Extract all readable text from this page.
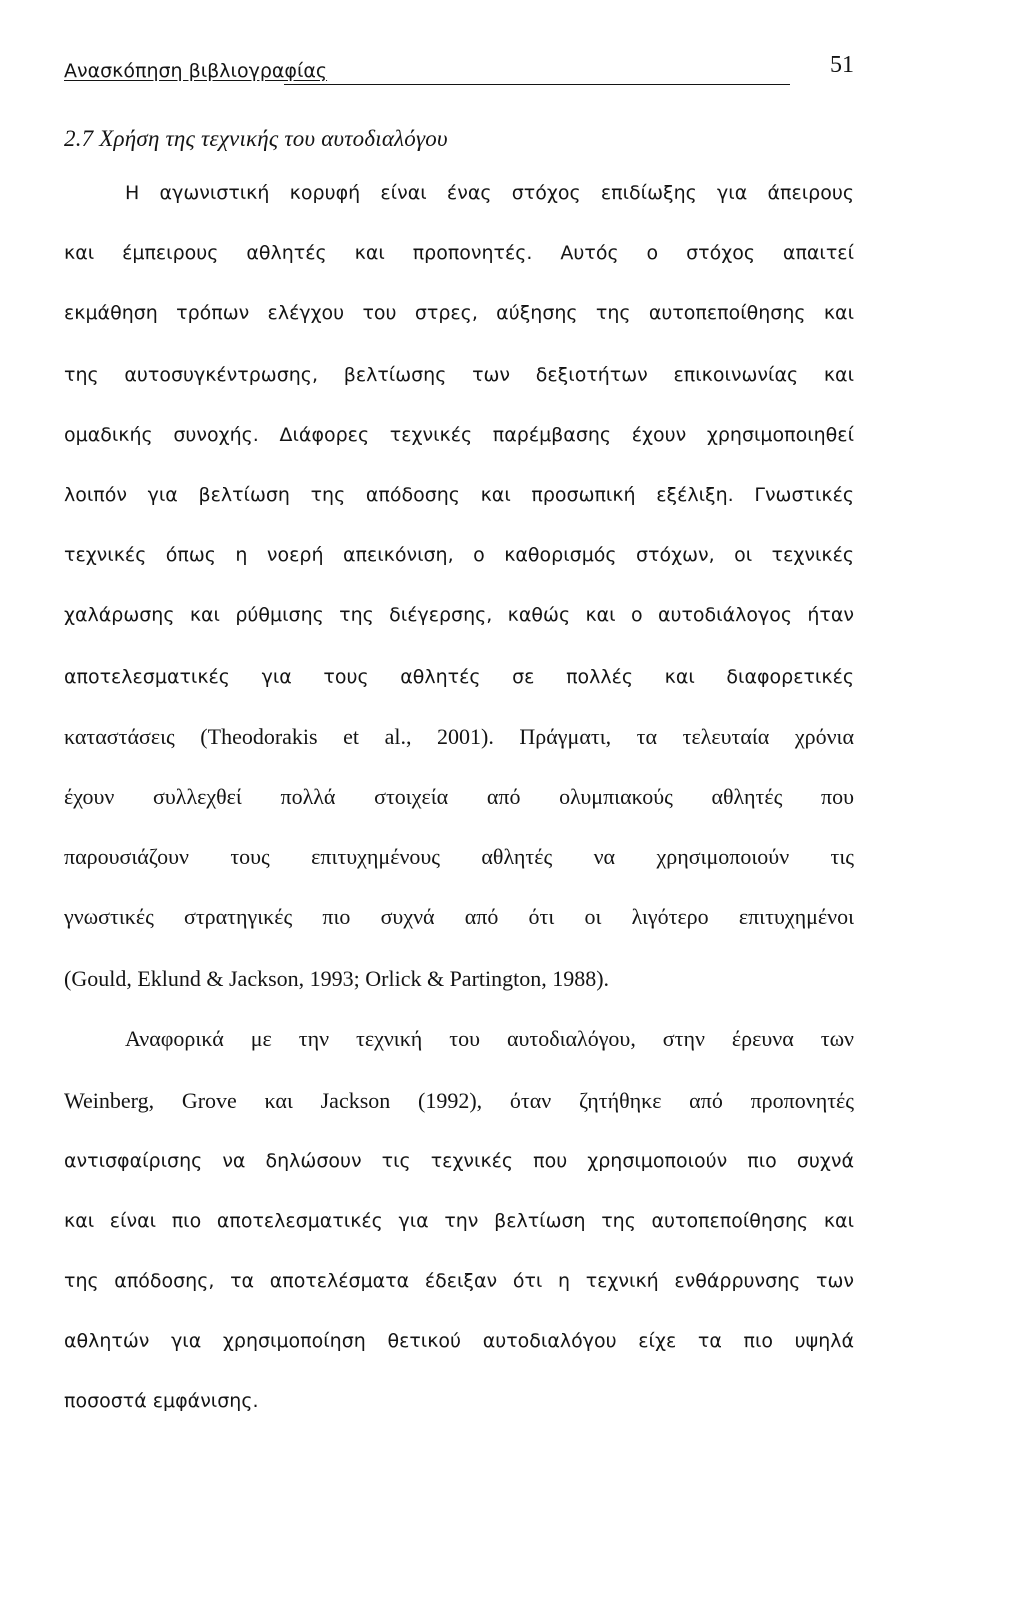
Ανασκόπηση βιβλιογραφίας	51
2.7 Χρήση της τεχνικής του αυτοδιαλόγου
Η αγωνιστική κορυφή είναι ένας στόχος επιδίωξης για άπειρους
και έμπειρους αθλητές και προπονητές. Αυτός ο στόχος απαιτεί
εκμάθηση τρόπων ελέγχου του στρες, αύξησης της αυτοπεποίθησης και
της αυτοσυγκέντρωσης, βελτίωσης των δεξιοτήτων επικοινωνίας και
ομαδικής συνοχής. Διάφορες τεχνικές παρέμβασης έχουν χρησιμοποιηθεί
λοιπόν για βελτίωση της απόδοσης και προσωπική εξέλιξη. Γνωστικές
τεχνικές όπως η νοερή απεικόνιση, ο καθορισμός στόχων, οι τεχνικές
χαλάρωσης και ρύθμισης της διέγερσης, καθώς και ο αυτοδιάλογος ήταν
αποτελεσματικές για τους αθλητές σε πολλές και διαφορετικές
καταστάσεις (Theodorakis et al., 2001). Πράγματι, τα τελευταία χρόνια
έχουν συλλεχθεί πολλά στοιχεία από ολυμπιακούς αθλητές που
παρουσιάζουν τους επιτυχημένους αθλητές να χρησιμοποιούν τις
γνωστικές στρατηγικές πιο συχνά από ότι οι λιγότερο επιτυχημένοι
(Gould, Eklund & Jackson, 1993; Orlick & Partington, 1988).
Αναφορικά με την τεχνική του αυτοδιαλόγου, στην έρευνα των
Weinberg, Grove και Jackson (1992), όταν ζητήθηκε από προπονητές
αντισφαίρισης να δηλώσουν τις τεχνικές που χρησιμοποιούν πιο συχνά
και είναι πιο αποτελεσματικές για την βελτίωση της αυτοπεποίθησης και
της απόδοσης, τα αποτελέσματα έδειξαν ότι η τεχνική ενθάρρυνσης των
αθλητών για χρησιμοποίηση θετικού αυτοδιαλόγου είχε τα πιο υψηλά
ποσοστά εμφάνισης.
